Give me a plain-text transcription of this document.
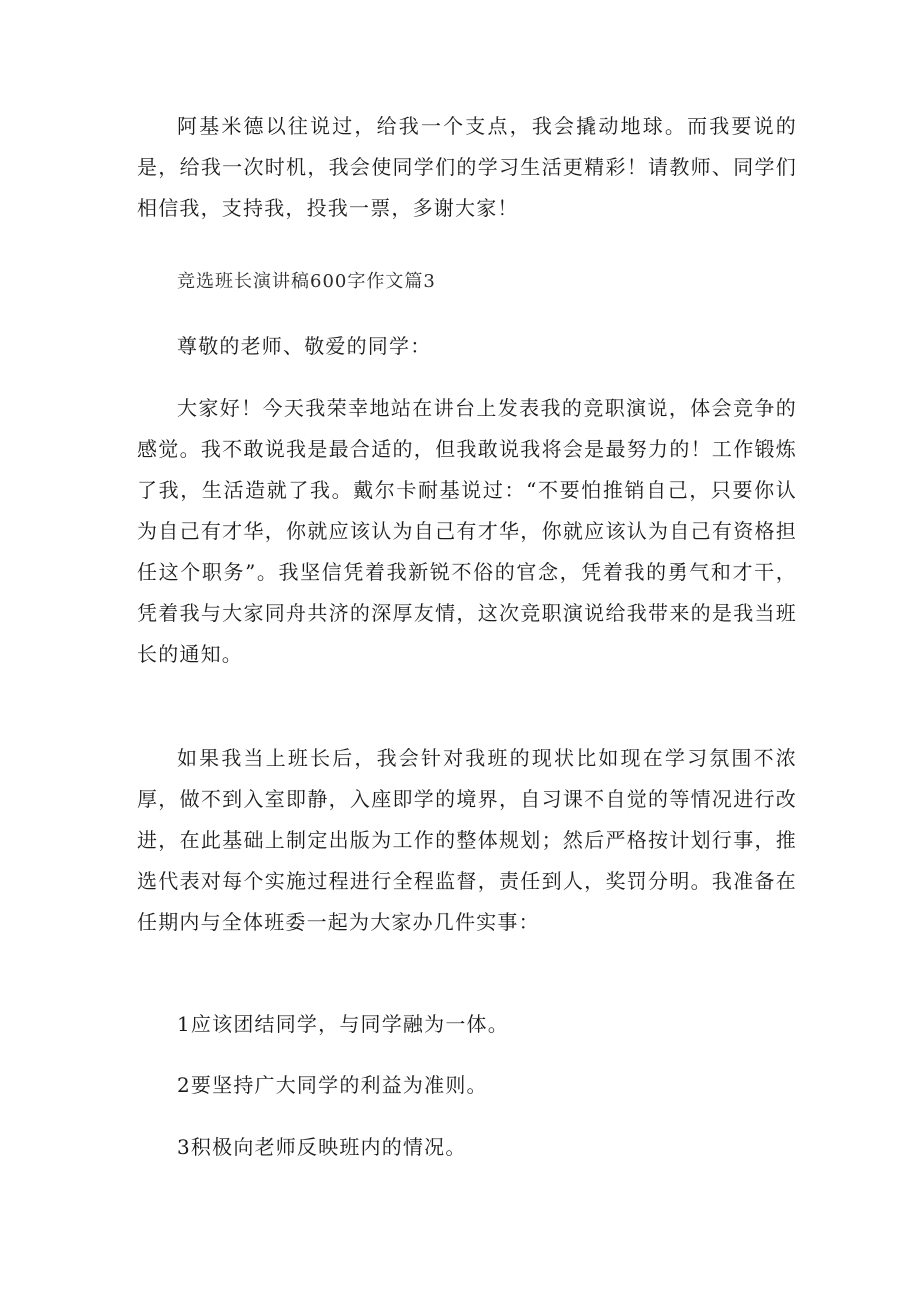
阿基米德以往说过，给我一个支点，我会撬动地球。而我要说的是，给我一次时机，我会使同学们的学习生活更精彩！请教师、同学们相信我，支持我，投我一票，多谢大家！

竞选班长演讲稿600字作文篇3

尊敬的老师、敬爱的同学：

大家好！今天我荣幸地站在讲台上发表我的竞职演说，体会竞争的感觉。我不敢说我是最合适的，但我敢说我将会是最努力的！工作锻炼了我，生活造就了我。戴尔卡耐基说过：“不要怕推销自己，只要你认为自己有才华，你就应该认为自己有才华，你就应该认为自己有资格担任这个职务”。我坚信凭着我新锐不俗的官念，凭着我的勇气和才干，凭着我与大家同舟共济的深厚友情，这次竞职演说给我带来的是我当班长的通知。

如果我当上班长后，我会针对我班的现状比如现在学习氛围不浓厚，做不到入室即静，入座即学的境界，自习课不自觉的等情况进行改进，在此基础上制定出版为工作的整体规划；然后严格按计划行事，推选代表对每个实施过程进行全程监督，责任到人，奖罚分明。我准备在任期内与全体班委一起为大家办几件实事：

1应该团结同学，与同学融为一体。

2要坚持广大同学的利益为准则。

3积极向老师反映班内的情况。
